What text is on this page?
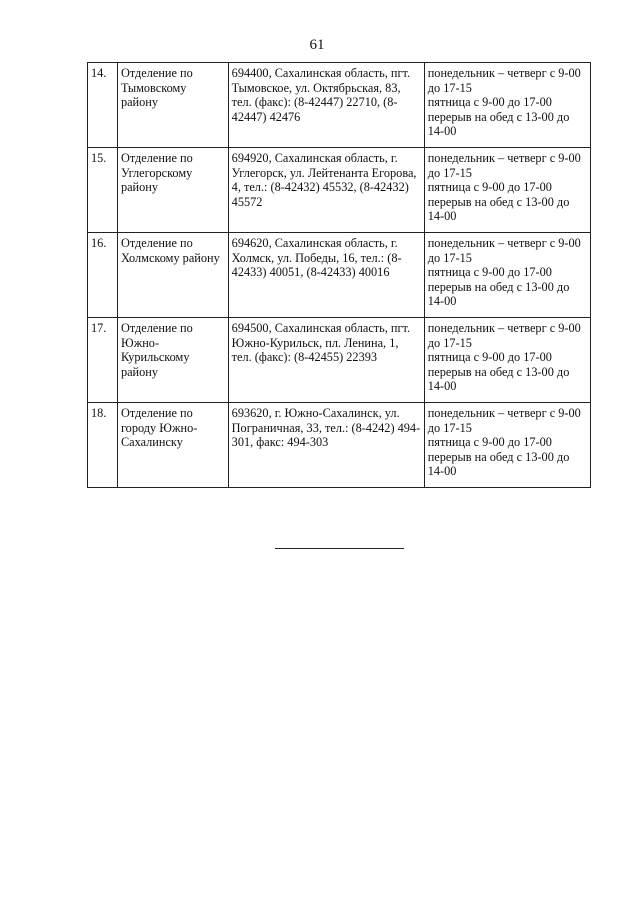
61
14.	Отделение по Тымовскому району	694400, Сахалинская область, пгт. Тымовское, ул. Октябрьская, 83, тел. (факс): (8-42447) 22710, (8-42447) 42476	понедельник – четверг с 9-00 до 17-15
пятница с 9-00 до 17-00
перерыв на обед с 13-00 до 14-00

15.	Отделение по Углегорскому району	694920, Сахалинская область, г. Углегорск, ул. Лейтенанта Егорова, 4, тел.: (8-42432) 45532, (8-42432) 45572	понедельник – четверг с 9-00 до 17-15
пятница с 9-00 до 17-00
перерыв на обед с 13-00 до 14-00

16.	Отделение по Холмскому району	694620, Сахалинская область, г. Холмск, ул. Победы, 16, тел.: (8-42433) 40051, (8-42433) 40016	понедельник – четверг с 9-00 до 17-15
пятница с 9-00 до 17-00
перерыв на обед с 13-00 до 14-00

17.	Отделение по Южно-Курильскому району	694500, Сахалинская область, пгт. Южно-Курильск, пл. Ленина, 1, тел. (факс): (8-42455) 22393	понедельник – четверг с 9-00 до 17-15
пятница с 9-00 до 17-00
перерыв на обед с 13-00 до 14-00

18.	Отделение по городу Южно-Сахалинску	693620, г. Южно-Сахалинск, ул. Пограничная, 33, тел.: (8-4242) 494-301, факс: 494-303	понедельник – четверг с 9-00 до 17-15
пятница с 9-00 до 17-00
перерыв на обед с 13-00 до 14-00
